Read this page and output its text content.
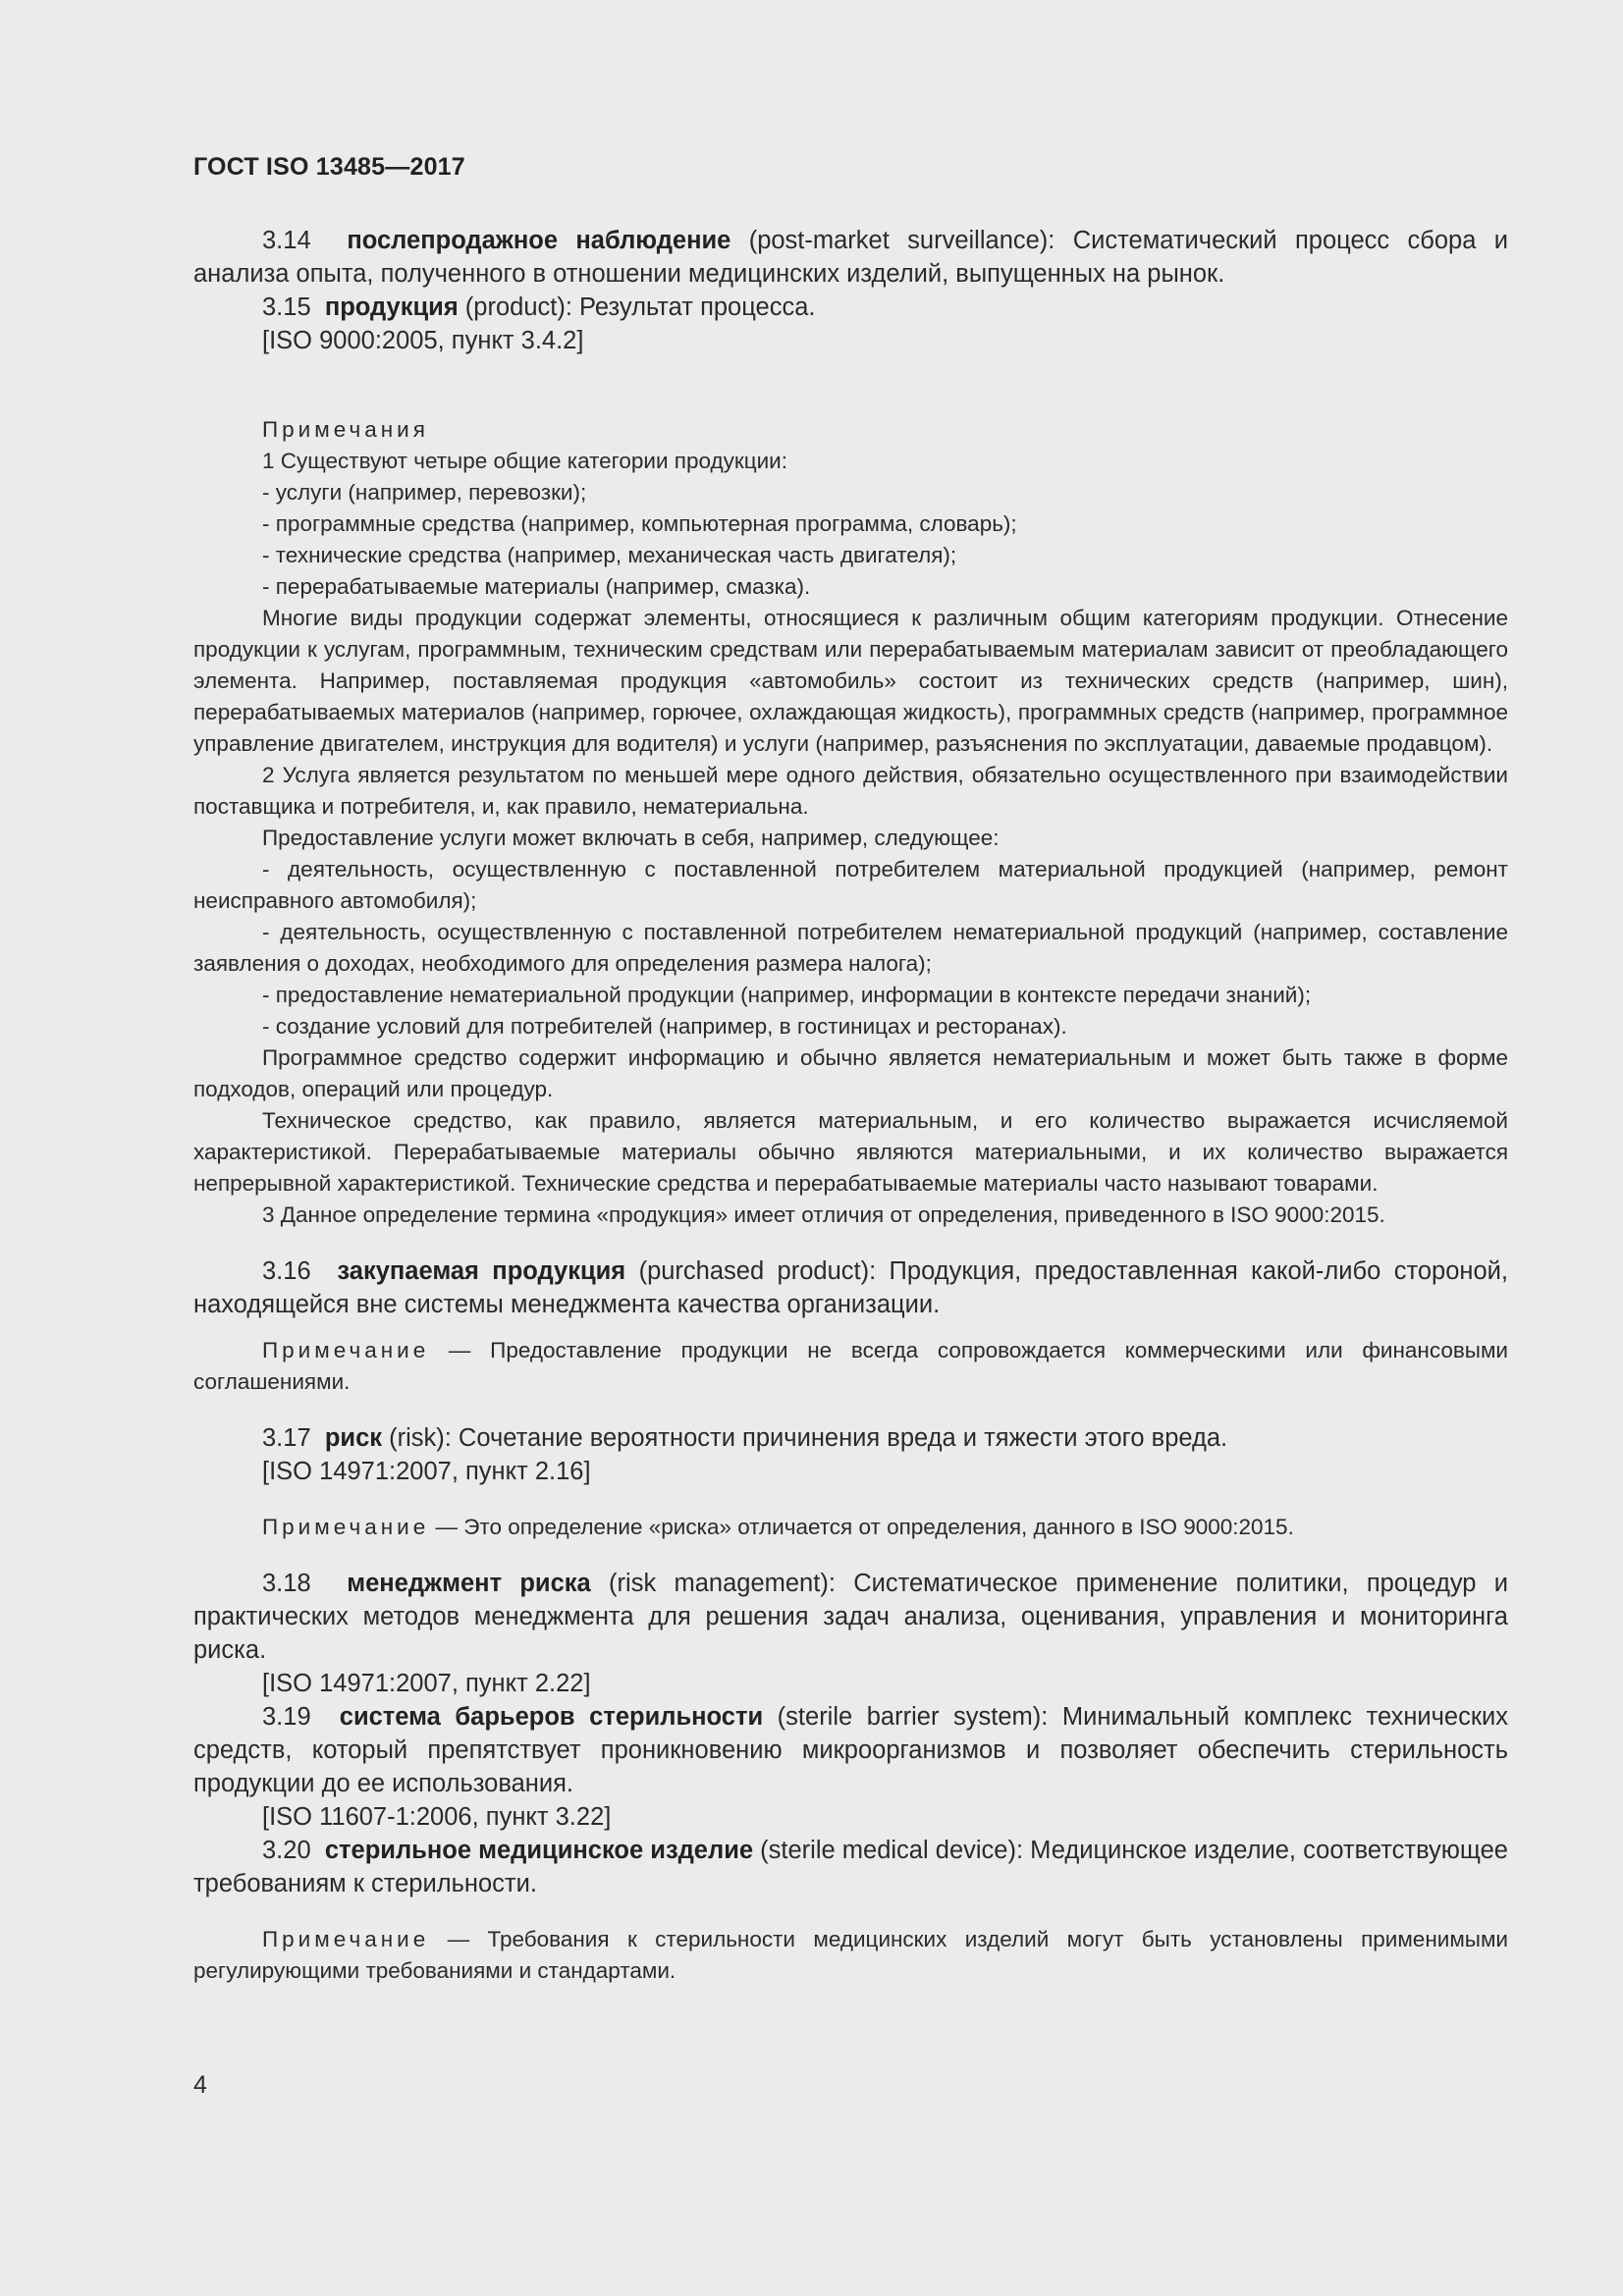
ГОСТ ISO 13485—2017

3.14 послепродажное наблюдение (post-market surveillance): Систематический процесс сбора и анализа опыта, полученного в отношении медицинских изделий, выпущенных на рынок.

3.15 продукция (product): Результат процесса.

[ISO 9000:2005, пункт 3.4.2]

Примечания

1 Существуют четыре общие категории продукции:

- услуги (например, перевозки);

- программные средства (например, компьютерная программа, словарь);

- технические средства (например, механическая часть двигателя);

- перерабатываемые материалы (например, смазка).

Многие виды продукции содержат элементы, относящиеся к различным общим категориям продукции. Отнесение продукции к услугам, программным, техническим средствам или перерабатываемым материалам зависит от преобладающего элемента. Например, поставляемая продукция «автомобиль» состоит из технических средств (например, шин), перерабатываемых материалов (например, горючее, охлаждающая жидкость), программных средств (например, программное управление двигателем, инструкция для водителя) и услуги (например, разъяснения по эксплуатации, даваемые продавцом).

2 Услуга является результатом по меньшей мере одного действия, обязательно осуществленного при взаимодействии поставщика и потребителя, и, как правило, нематериальна.

Предоставление услуги может включать в себя, например, следующее:

- деятельность, осуществленную с поставленной потребителем материальной продукцией (например, ремонт неисправного автомобиля);

- деятельность, осуществленную с поставленной потребителем нематериальной продукций (например, составление заявления о доходах, необходимого для определения размера налога);

- предоставление нематериальной продукции (например, информации в контексте передачи знаний);

- создание условий для потребителей (например, в гостиницах и ресторанах).

Программное средство содержит информацию и обычно является нематериальным и может быть также в форме подходов, операций или процедур.

Техническое средство, как правило, является материальным, и его количество выражается исчисляемой характеристикой. Перерабатываемые материалы обычно являются материальными, и их количество выражается непрерывной характеристикой. Технические средства и перерабатываемые материалы часто называют товарами.

3 Данное определение термина «продукция» имеет отличия от определения, приведенного в ISO 9000:2015.

3.16 закупаемая продукция (purchased product): Продукция, предоставленная какой-либо стороной, находящейся вне системы менеджмента качества организации.

Примечание — Предоставление продукции не всегда сопровождается коммерческими или финансовыми соглашениями.

3.17 риск (risk): Сочетание вероятности причинения вреда и тяжести этого вреда.

[ISO 14971:2007, пункт 2.16]

Примечание — Это определение «риска» отличается от определения, данного в ISO 9000:2015.

3.18 менеджмент риска (risk management): Систематическое применение политики, процедур и практических методов менеджмента для решения задач анализа, оценивания, управления и мониторинга риска.

[ISO 14971:2007, пункт 2.22]

3.19 система барьеров стерильности (sterile barrier system): Минимальный комплекс технических средств, который препятствует проникновению микроорганизмов и позволяет обеспечить стерильность продукции до ее использования.

[ISO 11607-1:2006, пункт 3.22]

3.20 стерильное медицинское изделие (sterile medical device): Медицинское изделие, соответствующее требованиям к стерильности.

Примечание — Требования к стерильности медицинских изделий могут быть установлены применимыми регулирующими требованиями и стандартами.

4
